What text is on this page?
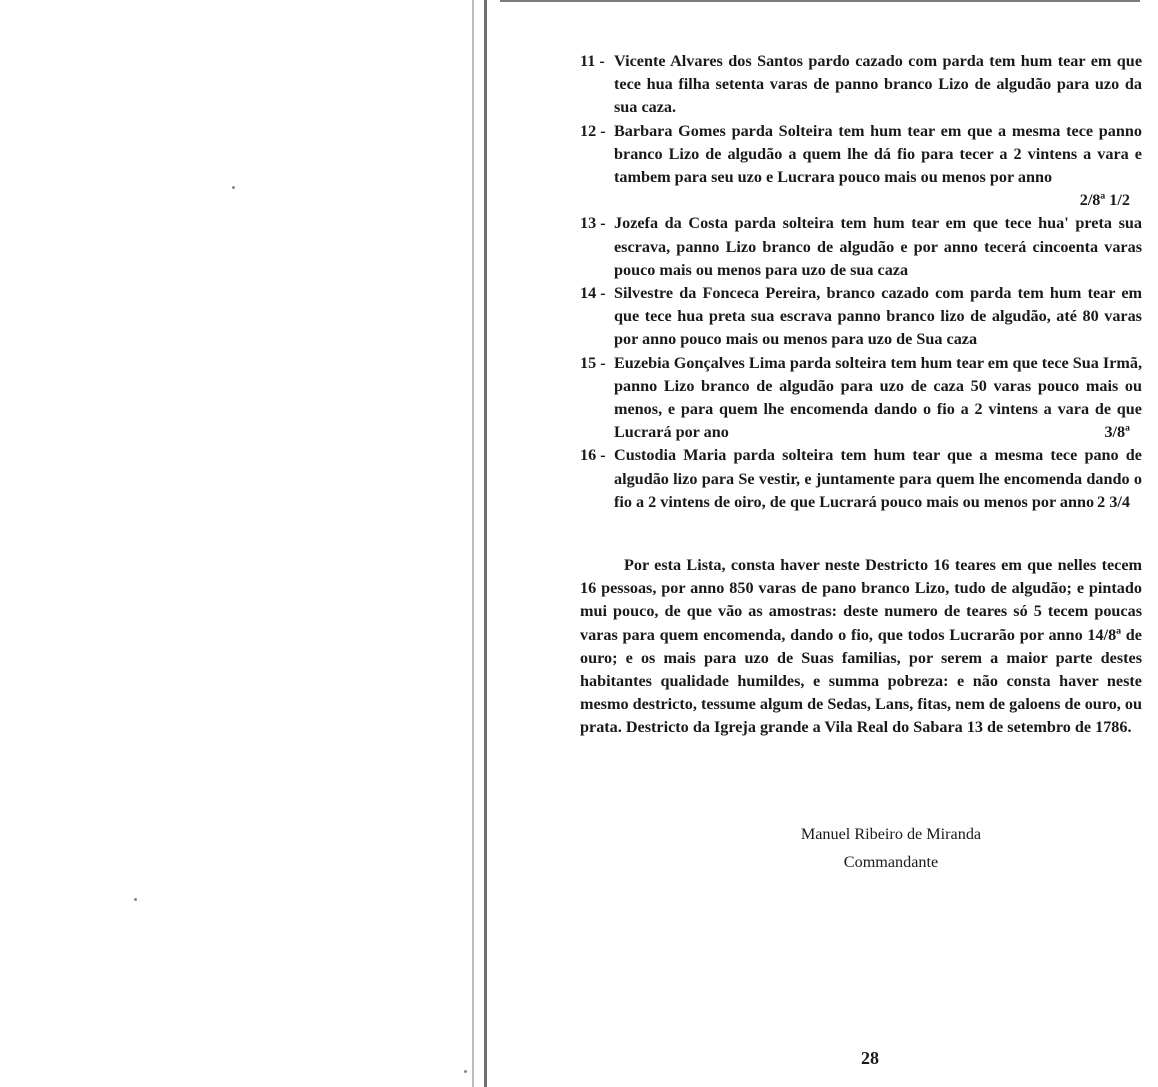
11 - Vicente Alvares dos Santos pardo cazado com parda tem hum tear em que tece hua filha setenta varas de panno branco Lizo de algudão para uzo da sua caza.
12 - Barbara Gomes parda Solteira tem hum tear em que a mesma tece panno branco Lizo de algudão a quem lhe dá fio para tecer a 2 vintens a vara e tambem para seu uzo e Lucrara pouco mais ou menos por anno
2/8ª 1/2
13 - Jozefa da Costa parda solteira tem hum tear em que tece hua' preta sua escrava, panno Lizo branco de algudão e por anno tecerá cincoenta varas pouco mais ou menos para uzo de sua caza
14 - Silvestre da Fonceca Pereira, branco cazado com parda tem hum tear em que tece hua preta sua escrava panno branco lizo de algudão, até 80 varas por anno pouco mais ou menos para uzo de Sua caza
15 - Euzebia Gonçalves Lima parda solteira tem hum tear em que tece Sua Irmã, panno Lizo branco de algudão para uzo de caza 50 varas pouco mais ou menos, e para quem lhe encomenda dando o fio a 2 vintens a vara de que Lucrará por ano	3/8ª
16 - Custodia Maria parda solteira tem hum tear que a mesma tece pano de algudão lizo para Se vestir, e juntamente para quem lhe encomenda dando o fio a 2 vintens de oiro, de que Lucrará pouco mais ou menos por anno 2 3/4
Por esta Lista, consta haver neste Destricto 16 teares em que nelles tecem 16 pessoas, por anno 850 varas de pano branco Lizo, tudo de algudão; e pintado mui pouco, de que vão as amostras: deste numero de teares só 5 tecem poucas varas para quem encomenda, dando o fio, que todos Lucrarão por anno 14/8ª de ouro; e os mais para uzo de Suas familias, por serem a maior parte destes habitantes qualidade humildes, e summa pobreza: e não consta haver neste mesmo destricto, tessume algum de Sedas, Lans, fitas, nem de galoens de ouro, ou prata. Destricto da Igreja grande a Vila Real do Sabara 13 de setembro de 1786.
Manuel Ribeiro de Miranda
Commandante
28
